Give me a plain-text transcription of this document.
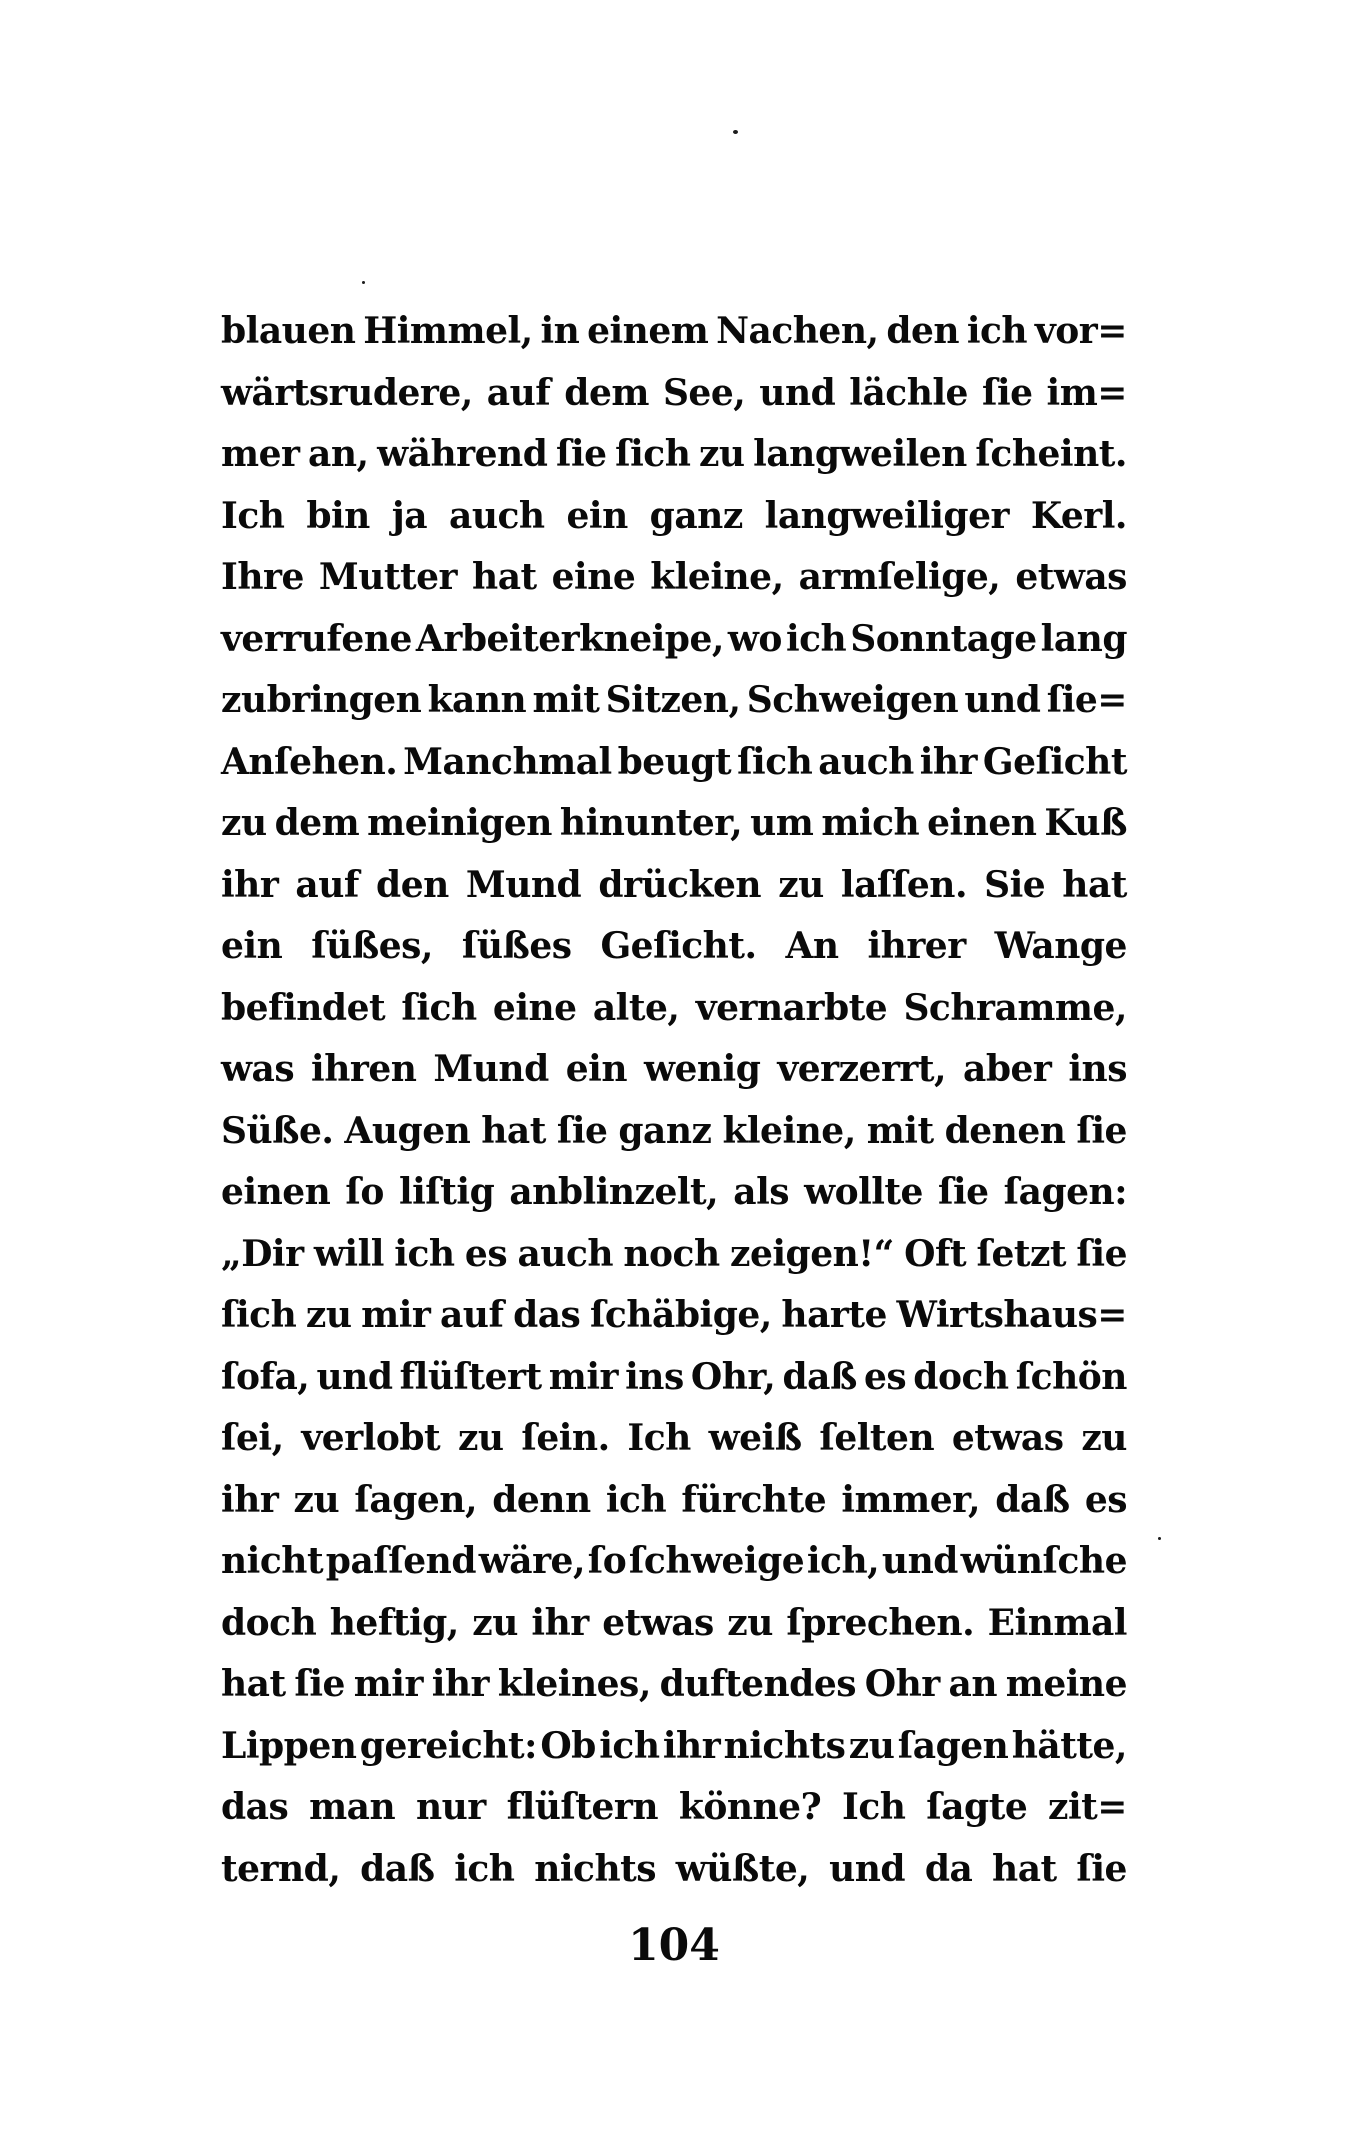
blauen Himmel, in einem Nachen, den ich vor=
wärtsrudere, auf dem See, und lächle ſie im=
mer an, während ſie ſich zu langweilen ſcheint.
Ich bin ja auch ein ganz langweiliger Kerl.
Ihre Mutter hat eine kleine, armſelige, etwas
verrufene Arbeiterkneipe, wo ich Sonntage lang
zubringen kann mit Sitzen, Schweigen und ſie=
Anſehen. Manchmal beugt ſich auch ihr Geſicht
zu dem meinigen hinunter, um mich einen Kuß
ihr auf den Mund drücken zu laſſen. Sie hat
ein ſüßes, ſüßes Geſicht. An ihrer Wange
befindet ſich eine alte, vernarbte Schramme,
was ihren Mund ein wenig verzerrt, aber ins
Süße. Augen hat ſie ganz kleine, mit denen ſie
einen ſo liſtig anblinzelt, als wollte ſie ſagen:
„Dir will ich es auch noch zeigen!“ Oft ſetzt ſie
ſich zu mir auf das ſchäbige, harte Wirtshaus=
ſofa, und flüſtert mir ins Ohr, daß es doch ſchön
ſei, verlobt zu ſein. Ich weiß ſelten etwas zu
ihr zu ſagen, denn ich fürchte immer, daß es
nicht paſſend wäre, ſo ſchweige ich, und wünſche
doch heftig, zu ihr etwas zu ſprechen. Einmal
hat ſie mir ihr kleines, duftendes Ohr an meine
Lippen gereicht: Ob ich ihr nichts zu ſagen hätte,
das man nur flüſtern könne? Ich ſagte zit=
ternd, daß ich nichts wüßte, und da hat ſie
104
